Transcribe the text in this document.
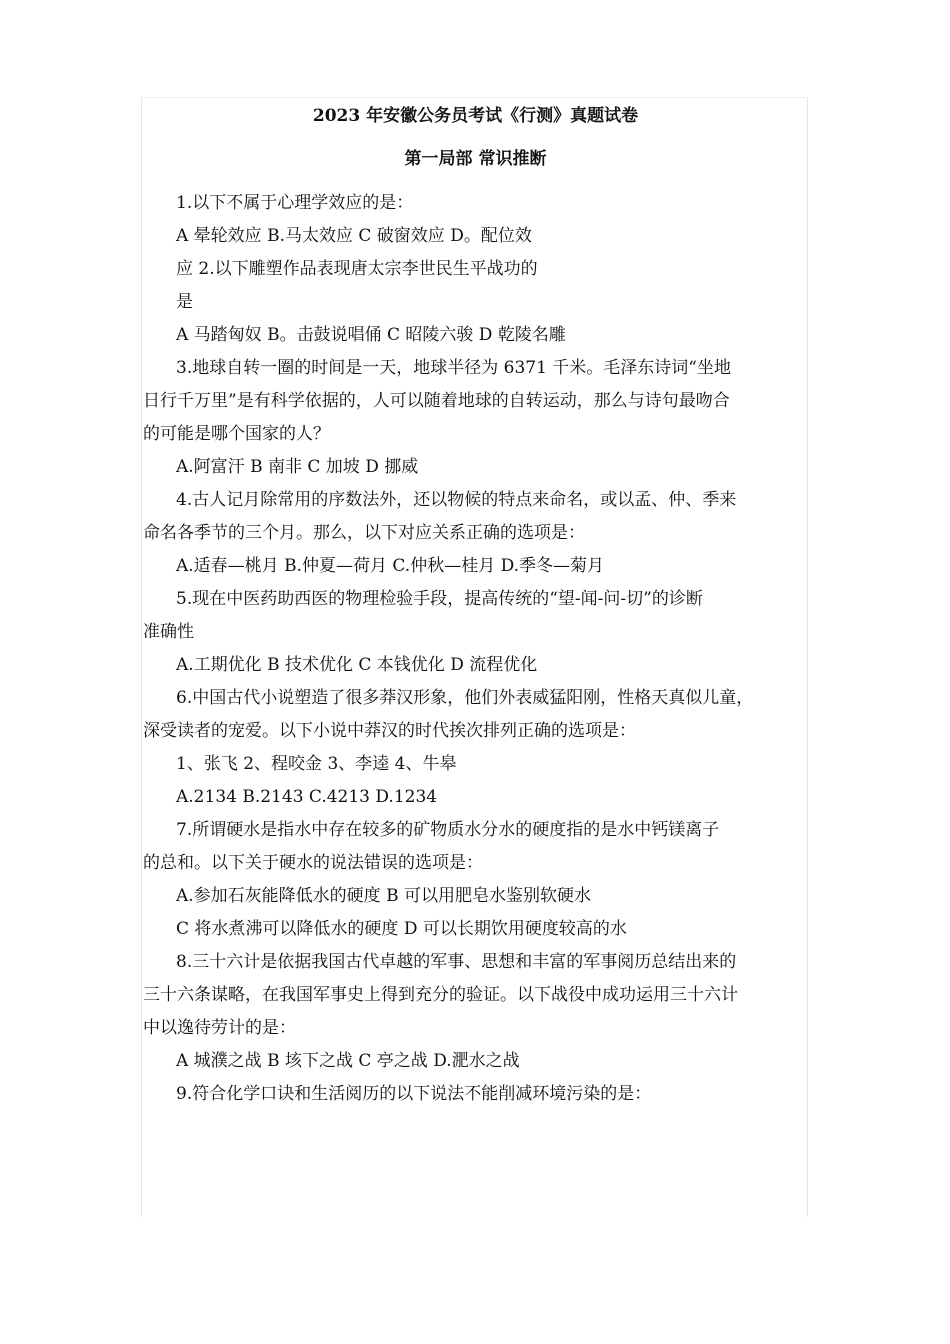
2023 年安徽公务员考试《行测》真题试卷
第一局部 常识推断
1.以下不属于心理学效应的是：
A 晕轮效应 B.马太效应 C 破窗效应 D。配位效
应 2.以下雕塑作品表现唐太宗李世民生平战功的
是
A 马踏匈奴 B。击鼓说唱俑 C 昭陵六骏 D 乾陵名雕
3.地球自转一圈的时间是一天，地球半径为 6371 千米。毛泽东诗词“坐地
日行千万里”是有科学依据的，人可以随着地球的自转运动，那么与诗句最吻合
的可能是哪个国家的人？
A.阿富汗 B 南非 C 加坡 D 挪威
4.古人记月除常用的序数法外，还以物候的特点来命名，或以孟、仲、季来
命名各季节的三个月。那么，以下对应关系正确的选项是：
A.适春—桃月 B.仲夏—荷月 C.仲秋—桂月 D.季冬—菊月
5.现在中医药助西医的物理检验手段，提高传统的“望-闻-问-切”的诊断
准确性
A.工期优化 B 技术优化 C 本钱优化 D 流程优化
6.中国古代小说塑造了很多莽汉形象，他们外表威猛阳刚，性格天真似儿童，
深受读者的宠爱。以下小说中莽汉的时代挨次排列正确的选项是：
1、张飞 2、程咬金 3、李逵 4、牛皋
A.2134 B.2143 C.4213 D.1234
7.所谓硬水是指水中存在较多的矿物质水分水的硬度指的是水中钙镁离子
的总和。以下关于硬水的说法错误的选项是：
A.参加石灰能降低水的硬度 B 可以用肥皂水鉴别软硬水
C 将水煮沸可以降低水的硬度 D 可以长期饮用硬度较高的水
8.三十六计是依据我国古代卓越的军事、思想和丰富的军事阅历总结出来的
三十六条谋略，在我国军事史上得到充分的验证。以下战役中成功运用三十六计
中以逸待劳计的是：
A 城濮之战 B 垓下之战 C 亭之战 D.淝水之战
9.符合化学口诀和生活阅历的以下说法不能削减环境污染的是：
